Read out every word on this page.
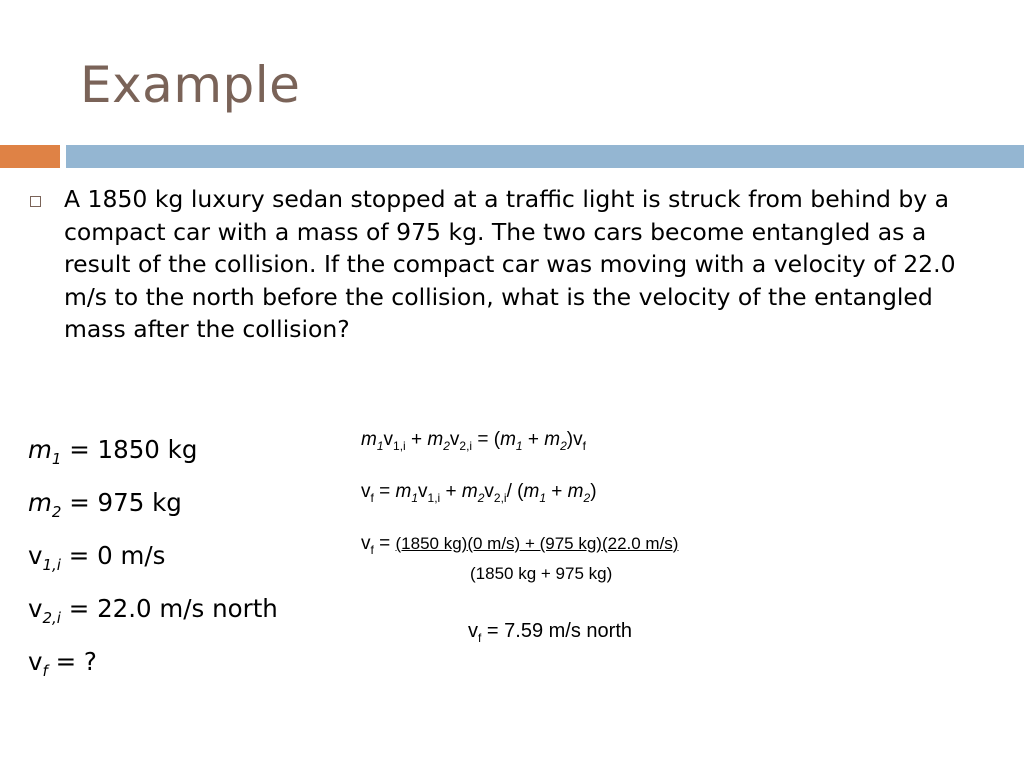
Example
A 1850 kg luxury sedan stopped at a traffic light is struck from behind by a compact car with a mass of 975 kg. The two cars become entangled as a result of the collision. If the compact car was moving with a velocity of 22.0 m/s to the north before the collision, what is the velocity of the entangled mass after the collision?
$m_1 = 1850$ kg
$m_2 = 975$ kg
$v_{1,i} = 0$ m/s
$v_{2,i} = 22.0$ m/s north
$v_f$ = ?
$m_1v_{1,i} + m_2v_{2,i} = (m_1 + m_2)v_f$
$v_f = m_1v_{1,i} + m_2v_{2,i}/$ $(m_1 + m_2)$
$v_f = (1850$ kg)(0 m/s) + (975 kg)(22.0 m/s)
(1850 kg + 975 kg)
$v_f = 7.59$ m/s north
